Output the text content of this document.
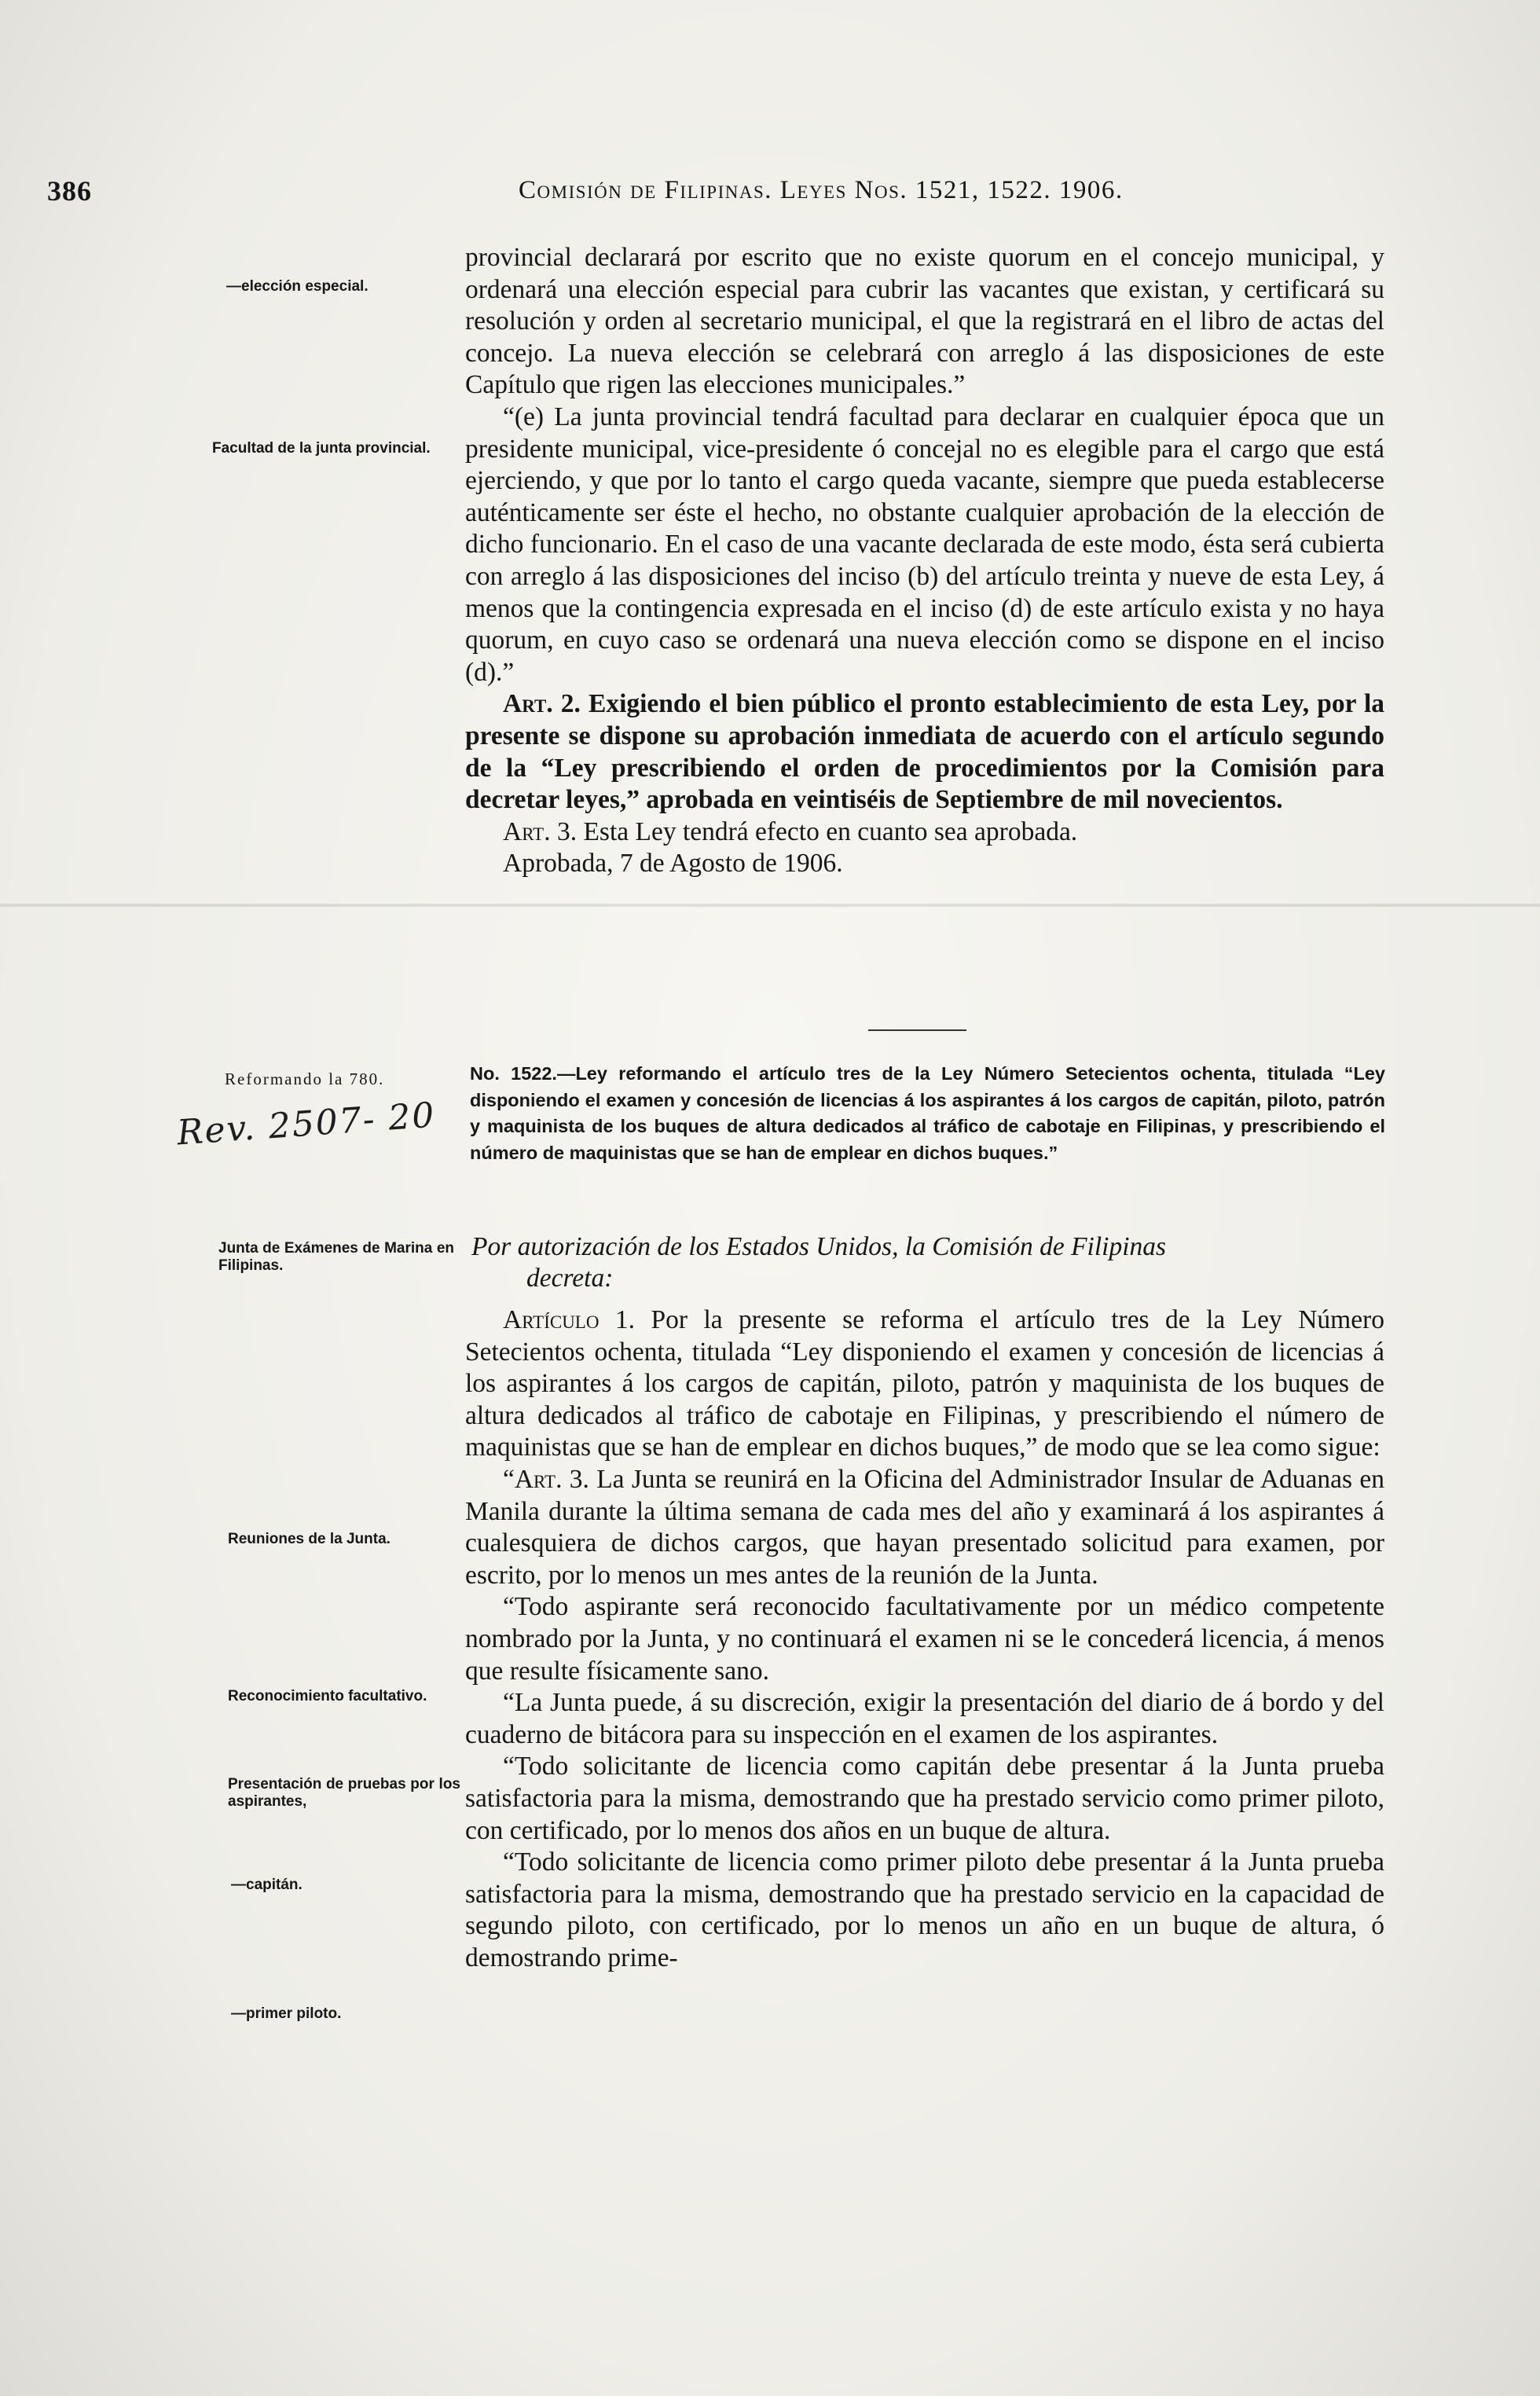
386	Comisión de Filipinas. Leyes Nos. 1521, 1522. 1906.
—elección especial.
Facultad de la junta provincial.
Reformando la 780.
Junta de Exámenes de Marina en Filipinas.
Reuniones de la Junta.
Reconocimiento facultativo.
Presentación de pruebas por los aspirantes,
—capitán.
—primer piloto.
Rev. 2507- 20

provincial declarará por escrito que no existe quorum en el concejo municipal, y ordenará una elección especial para cubrir las vacantes que existan, y certificará su resolución y orden al secretario municipal, el que la registrará en el libro de actas del concejo. La nueva elección se celebrará con arreglo á las disposiciones de este Capítulo que rigen las elecciones municipales.”

“(e) La junta provincial tendrá facultad para declarar en cualquier época que un presidente municipal, vice-presidente ó concejal no es elegible para el cargo que está ejerciendo, y que por lo tanto el cargo queda vacante, siempre que pueda establecerse auténticamente ser éste el hecho, no obstante cualquier aprobación de la elección de dicho funcionario. En el caso de una vacante declarada de este modo, ésta será cubierta con arreglo á las disposiciones del inciso (b) del artículo treinta y nueve de esta Ley, á menos que la contingencia expresada en el inciso (d) de este artículo exista y no haya quorum, en cuyo caso se ordenará una nueva elección como se dispone en el inciso (d).”

Art. 2. Exigiendo el bien público el pronto establecimiento de esta Ley, por la presente se dispone su aprobación inmediata de acuerdo con el artículo segundo de la “Ley prescribiendo el orden de procedimientos por la Comisión para decretar leyes,” aprobada en veintiséis de Septiembre de mil novecientos.

Art. 3. Esta Ley tendrá efecto en cuanto sea aprobada.

Aprobada, 7 de Agosto de 1906.

No. 1522.—Ley reformando el artículo tres de la Ley Número Setecientos ochenta, titulada “Ley disponiendo el examen y concesión de licencias á los aspirantes á los cargos de capitán, piloto, patrón y maquinista de los buques de altura dedicados al tráfico de cabotaje en Filipinas, y prescribiendo el número de maquinistas que se han de emplear en dichos buques.”
Por autorización de los Estados Unidos, la Comisión de Filipinas
decreta:

Artículo 1. Por la presente se reforma el artículo tres de la Ley Número Setecientos ochenta, titulada “Ley disponiendo el examen y concesión de licencias á los aspirantes á los cargos de capitán, piloto, patrón y maquinista de los buques de altura dedicados al tráfico de cabotaje en Filipinas, y prescribiendo el número de maquinistas que se han de emplear en dichos buques,” de modo que se lea como sigue:

“Art. 3. La Junta se reunirá en la Oficina del Administrador Insular de Aduanas en Manila durante la última semana de cada mes del año y examinará á los aspirantes á cualesquiera de dichos cargos, que hayan presentado solicitud para examen, por escrito, por lo menos un mes antes de la reunión de la Junta.

“Todo aspirante será reconocido facultativamente por un médico competente nombrado por la Junta, y no continuará el examen ni se le concederá licencia, á menos que resulte físicamente sano.

“La Junta puede, á su discreción, exigir la presentación del diario de á bordo y del cuaderno de bitácora para su inspección en el examen de los aspirantes.

“Todo solicitante de licencia como capitán debe presentar á la Junta prueba satisfactoria para la misma, demostrando que ha prestado servicio como primer piloto, con certificado, por lo menos dos años en un buque de altura.

“Todo solicitante de licencia como primer piloto debe presentar á la Junta prueba satisfactoria para la misma, demostrando que ha prestado servicio en la capacidad de segundo piloto, con certificado, por lo menos un año en un buque de altura, ó demostrando prime-
